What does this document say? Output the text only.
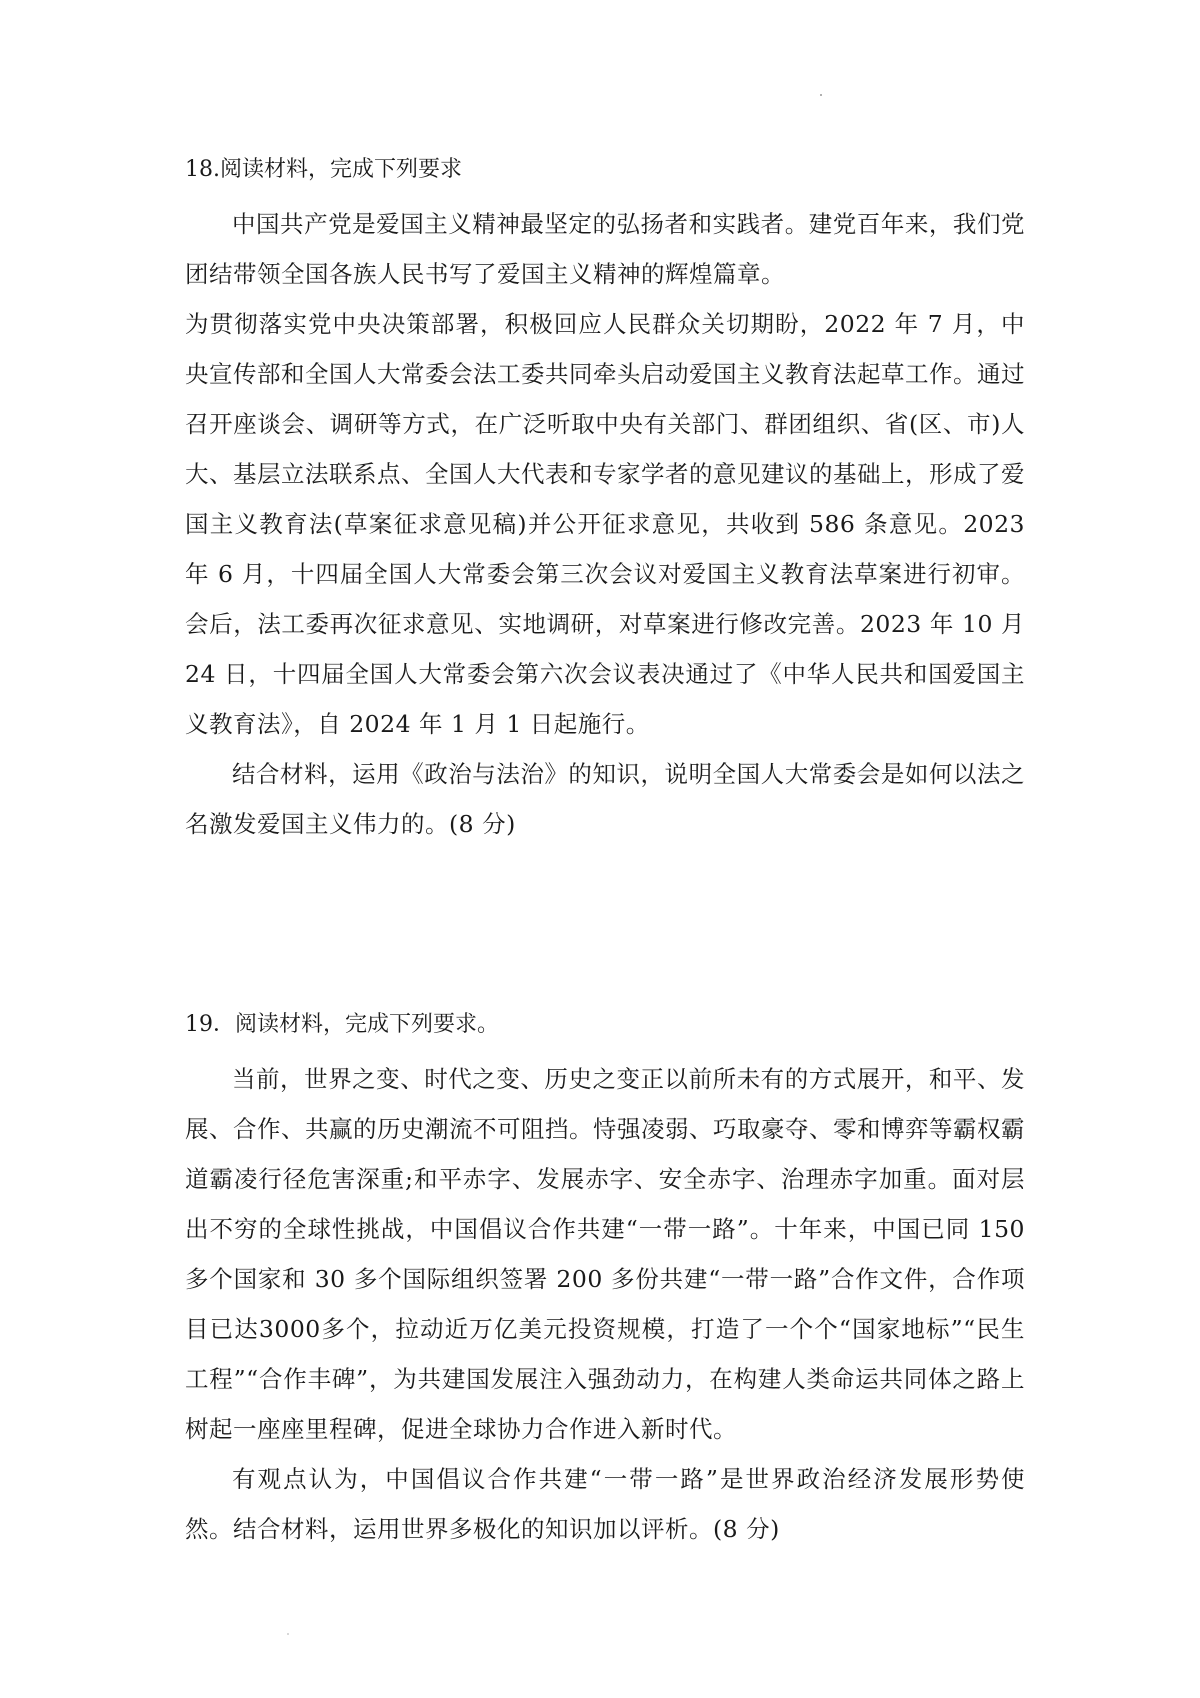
18.阅读材料，完成下列要求

中国共产党是爱国主义精神最坚定的弘扬者和实践者。建党百年来，我们党团结带领全国各族人民书写了爱国主义精神的辉煌篇章。

为贯彻落实党中央决策部署，积极回应人民群众关切期盼，2022 年 7 月，中央宣传部和全国人大常委会法工委共同牵头启动爱国主义教育法起草工作。通过召开座谈会、调研等方式，在广泛听取中央有关部门、群团组织、省(区、市)人大、基层立法联系点、全国人大代表和专家学者的意见建议的基础上，形成了爱国主义教育法(草案征求意见稿)并公开征求意见，共收到 586 条意见。2023 年 6 月，十四届全国人大常委会第三次会议对爱国主义教育法草案进行初审。会后，法工委再次征求意见、实地调研，对草案进行修改完善。2023 年 10 月 24 日，十四届全国人大常委会第六次会议表决通过了《中华人民共和国爱国主义教育法》，自 2024 年 1 月 1 日起施行。

结合材料，运用《政治与法治》的知识，说明全国人大常委会是如何以法之名激发爱国主义伟力的。(8 分)

19．阅读材料，完成下列要求。

当前，世界之变、时代之变、历史之变正以前所未有的方式展开，和平、发展、合作、共赢的历史潮流不可阻挡。恃强凌弱、巧取豪夺、零和博弈等霸权霸道霸凌行径危害深重;和平赤字、发展赤字、安全赤字、治理赤字加重。面对层出不穷的全球性挑战，中国倡议合作共建“一带一路”。十年来，中国已同 150 多个国家和 30 多个国际组织签署 200 多份共建“一带一路”合作文件，合作项目已达3000多个，拉动近万亿美元投资规模，打造了一个个“国家地标”“民生工程”“合作丰碑”，为共建国发展注入强劲动力，在构建人类命运共同体之路上树起一座座里程碑，促进全球协力合作进入新时代。

有观点认为，中国倡议合作共建“一带一路”是世界政治经济发展形势使然。结合材料，运用世界多极化的知识加以评析。(8 分)
